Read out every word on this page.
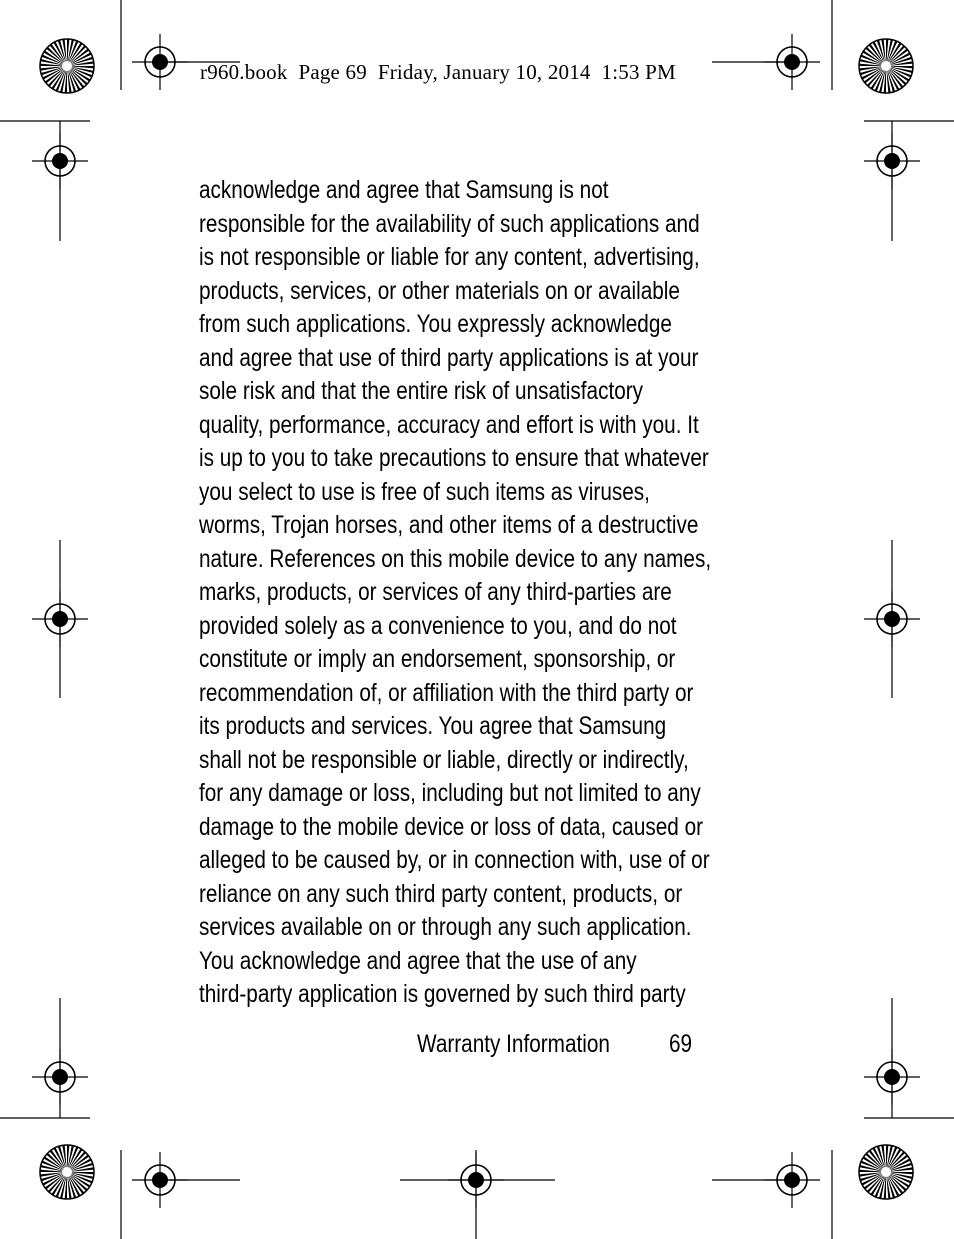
r960.book  Page 69  Friday, January 10, 2014  1:53 PM
acknowledge and agree that Samsung is not
responsible for the availability of such applications and
is not responsible or liable for any content, advertising,
products, services, or other materials on or available
from such applications. You expressly acknowledge
and agree that use of third party applications is at your
sole risk and that the entire risk of unsatisfactory
quality, performance, accuracy and effort is with you. It
is up to you to take precautions to ensure that whatever
you select to use is free of such items as viruses,
worms, Trojan horses, and other items of a destructive
nature. References on this mobile device to any names,
marks, products, or services of any third-parties are
provided solely as a convenience to you, and do not
constitute or imply an endorsement, sponsorship, or
recommendation of, or affiliation with the third party or
its products and services. You agree that Samsung
shall not be responsible or liable, directly or indirectly,
for any damage or loss, including but not limited to any
damage to the mobile device or loss of data, caused or
alleged to be caused by, or in connection with, use of or
reliance on any such third party content, products, or
services available on or through any such application.
You acknowledge and agree that the use of any
third-party application is governed by such third party
Warranty Information 69
